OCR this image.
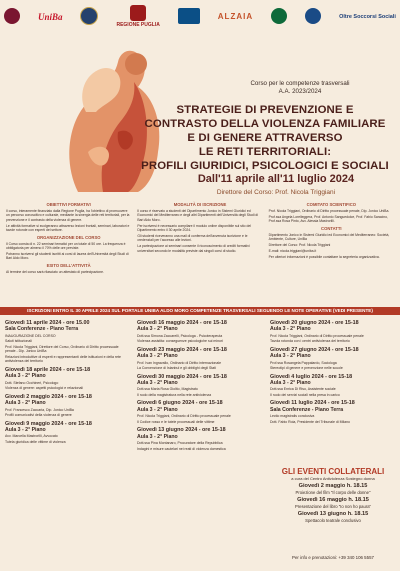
UniBa
REGIONE PUGLIA
ALZAIA	Oltre Soccorsi Sociali
Corso per le competenze trasversali
A.A. 2023/2024
STRATEGIE DI PREVENZIONE E
CONTRASTO DELLA VIOLENZA FAMILIARE
E DI GENERE ATTRAVERSO
LE RETI TERRITORIALI:
PROFILI GIURIDICI, PSICOLOGICI E SOCIALI
Dall'11 aprile all'11 luglio 2024
Direttore del Corso: Prof. Nicola Triggiani
OBIETTIVI FORMATIVI

Il corso, interamente finanziato dalla Regione Puglia, ha l'obiettivo di promuovere un percorso conoscitivo e culturale, mediante la sinergia delle reti territoriali, per la prevenzione e il contrasto della violenza di genere.

Le attività formative si svolgeranno attraverso lezioni frontali, seminari, laboratori e tavole rotonde con esperti del settore.

ORGANIZZAZIONE DEL CORSO

Il Corso consta di n. 22 seminari tematici per un totale di 50 ore. La frequenza è obbligatoria per almeno il 70% delle ore previste.

Potranno iscriversi gli studenti iscritti ai corsi di laurea dell'Università degli Studi di Bari Aldo Moro.

ESITO DELL'ATTIVITÀ

Al termine del corso sarà rilasciato un attestato di partecipazione.

MODALITÀ DI ISCRIZIONE

Il corso è riservato a studenti del Dipartimento Jonico in Sistemi Giuridici ed Economici del Mediterraneo e degli altri Dipartimenti dell'Università degli Studi di Bari Aldo Moro.

Per iscriversi è necessario compilare il modulo online disponibile sul sito del Dipartimento entro il 30 aprile 2024.

Gli studenti riceveranno una mail di conferma dell'avvenuta iscrizione e le credenziali per l'accesso alle lezioni.

La partecipazione ai seminari consente il riconoscimento di crediti formativi universitari secondo le modalità previste dai singoli corsi di studio.

COMITATO SCIENTIFICO

Prof. Nicola Triggiani, Ordinario di Diritto processuale penale, Dip. Jonico UniBa.

Prof.ssa Angela Lorelleggera, Prof. Antonio Sanguedolce, Prof. Fabio Saracino, Prof.ssa Rosa Pinto, Avv. Alessia Mastrorilli.

CONTATTI

Dipartimento Jonico in Sistemi Giuridici ed Economici del Mediterraneo: Società, Ambiente, Culture, UniBa

Direttore del Corso: Prof. Nicola Triggiani

E-mail: nicola.triggiani@uniba.it

Per ulteriori informazioni è possibile contattare la segreteria organizzativa.

ISCRIZIONI ENTRO IL 30 APRILE 2024 SUL PORTALE UNIBA ALDO MORO COMPETENZE TRASVERSALI SEGUENDO LE NOTE OPERATIVE (VEDI PRESENTE)
Giovedì 11 aprile 2024 - ore 15.00
Sala Conferenze - Piano Terra

INAUGURAZIONE DEL CORSO

Saluti istituzionali

Prof. Nicola Triggiani, Direttore del Corso, Ordinario di Diritto processuale penale - Dip. Jonico UniBa

Relazioni introduttive di esperti e rappresentanti delle istituzioni e della rete antiviolenza del territorio

Giovedì 18 aprile 2024 - ore 15-18
Aula 3 - 2° Piano

Dott. Stefano Occhineri, Psicologo

Violenza di genere: aspetti psicologici e relazionali

Giovedì 2 maggio 2024 - ore 15-18
Aula 3 - 2° Piano

Prof. Francesco Zaccaria, Dip. Jonico UniBa

Profili comunicativi della violenza di genere

Giovedì 9 maggio 2024 - ore 15-18
Aula 3 - 2° Piano

Avv. Marcella Mastrorilli, Avvocato

Tutela giuridica delle vittime di violenza

Giovedì 16 maggio 2024 - ore 15-18
Aula 3 - 2° Piano

Dott.ssa Simona Zaccarelli, Psicologa - Psicoterapeuta

Violenza assistita: conseguenze psicologiche sui minori

Giovedì 23 maggio 2024 - ore 15-18
Aula 3 - 2° Piano

Prof. Ivan Ingravallo, Ordinario di Diritto internazionale

La Convenzione di Istanbul e gli obblighi degli Stati

Giovedì 30 maggio 2024 - ore 15-18
Aula 3 - 2° Piano

Dott.ssa Maria Rosa Giolito, Magistrato

Il ruolo della magistratura nella rete antiviolenza

Giovedì 6 giugno 2024 - ore 15-18
Aula 3 - 2° Piano

Prof. Nicola Triggiani, Ordinario di Diritto processuale penale

Il Codice rosso e le tutele processuali delle vittime

Giovedì 13 giugno 2024 - ore 15-18
Aula 3 - 2° Piano

Dott.ssa Pina Montanaro, Procuratore della Repubblica

Indagini e misure cautelari nei reati di violenza domestica

Giovedì 20 giugno 2024 - ore 15-18
Aula 3 - 2° Piano

Prof. Nicola Triggiani, Ordinario di Diritto processuale penale

Tavola rotonda con i centri antiviolenza del territorio

Giovedì 27 giugno 2024 - ore 15-18
Aula 3 - 2° Piano

Prof.ssa Rosangela Pappalardo, Sociologa

Stereotipi di genere e prevenzione nelle scuole

Giovedì 4 luglio 2024 - ore 15-18
Aula 3 - 2° Piano

Dott.ssa Enrica Di Riso, Assistente sociale

Il ruolo dei servizi sociali nella presa in carico

Giovedì 11 luglio 2024 - ore 15-18
Sala Conferenze - Piano Terra

Lectio magistralis conclusiva

Dott. Fabio Roia, Presidente del Tribunale di Milano

GLI EVENTI COLLATERALI
a cura del Centro Antiviolenza Sostegno donna
Giovedì 2 maggio h. 18.15
Proiezione del film "Il corpo delle donne"
Giovedì 16 maggio h. 18.15
Presentazione del libro "Io non ho paura"
Giovedì 13 giugno h. 18.15
Spettacolo teatrale conclusivo
Per info e prenotazioni: +39 340 106 5557
